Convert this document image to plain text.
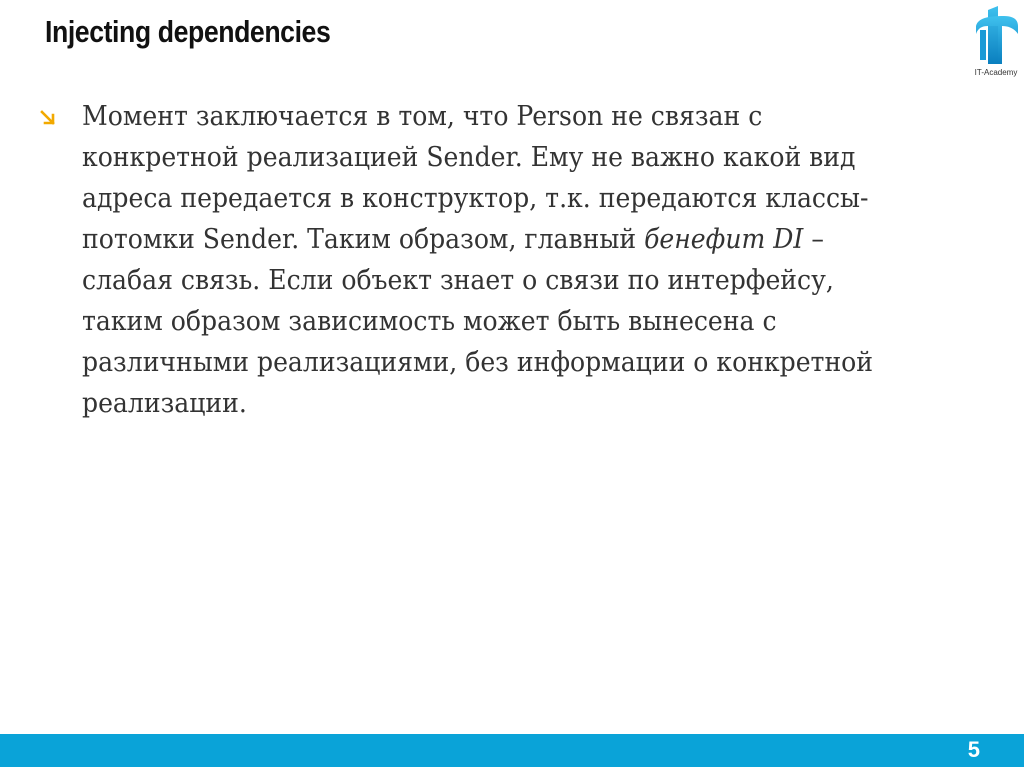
Injecting dependencies
IT-Academy
Момент заключается в том, что Person не связан с конкретной реализацией Sender. Ему не важно какой вид адреса передается в конструктор, т.к. передаются классы-потомки Sender. Таким образом, главный бенефит DI – слабая связь. Если объект знает о связи по интерфейсу, таким образом зависимость может быть вынесена с различными реализациями, без информации о конкретной реализации.
5
